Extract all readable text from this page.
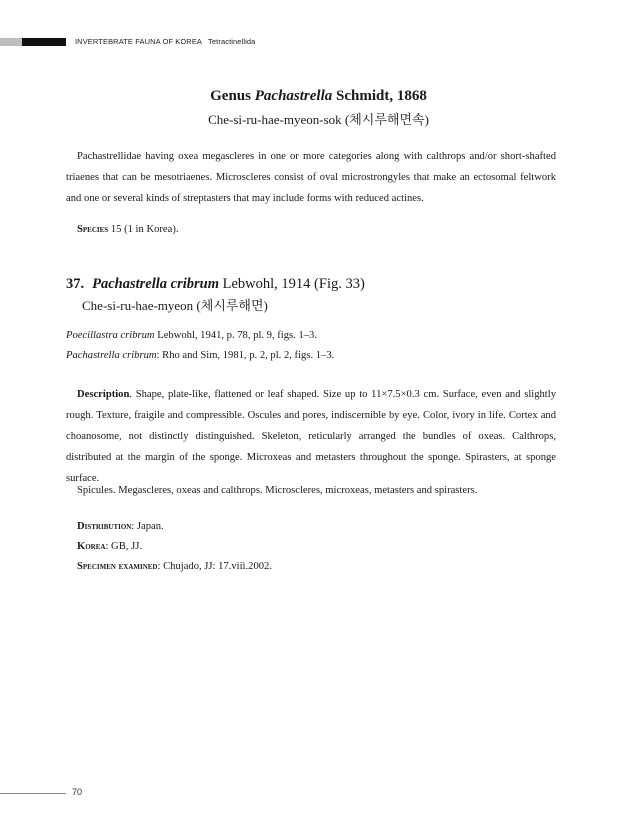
INVERTEBRATE FAUNA OF KOREA Tetractinellida
Genus Pachastrella Schmidt, 1868
Che-si-ru-hae-myeon-sok (체시루해면속)
Pachastrellidae having oxea megascleres in one or more categories along with calthrops and/or short-shafted triaenes that can be mesotriaenes. Microscleres consist of oval microstrongyles that make an ectosomal feltwork and one or several kinds of streptasters that may include forms with reduced actines.
Species 15 (1 in Korea).
37. Pachastrella cribrum Lebwohl, 1914 (Fig. 33)
Che-si-ru-hae-myeon (체시루해면)
Poecillastra cribrum Lebwohl, 1941, p. 78, pl. 9, figs. 1–3.
Pachastrella cribrum: Rho and Sim, 1981, p. 2, pl. 2, figs. 1–3.
Description. Shape, plate-like, flattened or leaf shaped. Size up to 11×7.5×0.3 cm. Surface, even and slightly rough. Texture, fraigile and compressible. Oscules and pores, indiscernible by eye. Color, ivory in life. Cortex and choanosome, not distinctly distinguished. Skeleton, reticularly arranged the bundles of oxeas. Calthrops, distributed at the margin of the sponge. Microxeas and metasters throughout the sponge. Spirasters, at sponge surface.
Spicules. Megascleres, oxeas and calthrops. Microscleres, microxeas, metasters and spirasters.
Distribution: Japan.
Korea: GB, JJ.
Specimen examined: Chujado, JJ: 17.viii.2002.
70
